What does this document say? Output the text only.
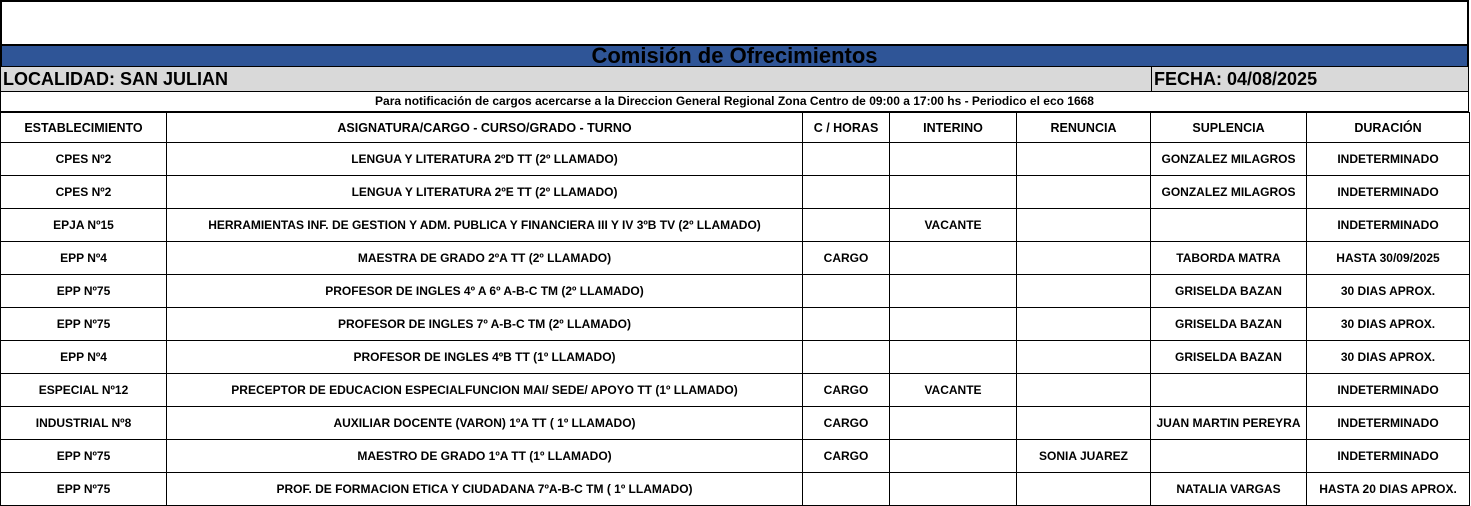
Comisión de Ofrecimientos
LOCALIDAD: SAN JULIAN	FECHA: 04/08/2025
Para notificación de cargos acercarse a la Direccion General Regional Zona Centro de 09:00 a 17:00 hs - Periodico el eco 1668
ESTABLECIMIENTO	ASIGNATURA/CARGO - CURSO/GRADO - TURNO	C / HORAS	INTERINO	RENUNCIA	SUPLENCIA	DURACIÓN
CPES Nº2	LENGUA Y LITERATURA 2ºD TT (2º LLAMADO)				GONZALEZ MILAGROS	INDETERMINADO
CPES Nº2	LENGUA Y LITERATURA 2ºE TT (2º LLAMADO)				GONZALEZ MILAGROS	INDETERMINADO
EPJA Nº15	HERRAMIENTAS INF. DE GESTION Y ADM. PUBLICA Y FINANCIERA III Y IV 3ºB TV (2º LLAMADO)		VACANTE			INDETERMINADO
EPP Nº4	MAESTRA DE GRADO 2ºA TT (2º LLAMADO)	CARGO			TABORDA MATRA	HASTA 30/09/2025
EPP Nº75	PROFESOR DE INGLES 4º A 6º A-B-C TM (2º LLAMADO)				GRISELDA BAZAN	30 DIAS APROX.
EPP Nº75	PROFESOR DE INGLES 7º A-B-C TM (2º LLAMADO)				GRISELDA BAZAN	30 DIAS APROX.
EPP Nº4	PROFESOR DE INGLES 4ºB TT (1º LLAMADO)				GRISELDA BAZAN	30 DIAS APROX.
ESPECIAL Nº12	PRECEPTOR DE EDUCACION ESPECIALFUNCION MAI/ SEDE/ APOYO TT (1º LLAMADO)	CARGO	VACANTE			INDETERMINADO
INDUSTRIAL Nº8	AUXILIAR DOCENTE (VARON) 1ºA TT ( 1º LLAMADO)	CARGO			JUAN MARTIN PEREYRA	INDETERMINADO
EPP Nº75	MAESTRO DE GRADO 1ºA TT (1º LLAMADO)	CARGO		SONIA JUAREZ		INDETERMINADO
EPP Nº75	PROF. DE FORMACION ETICA Y CIUDADANA 7ºA-B-C TM ( 1º LLAMADO)				NATALIA VARGAS	HASTA 20 DIAS APROX.
